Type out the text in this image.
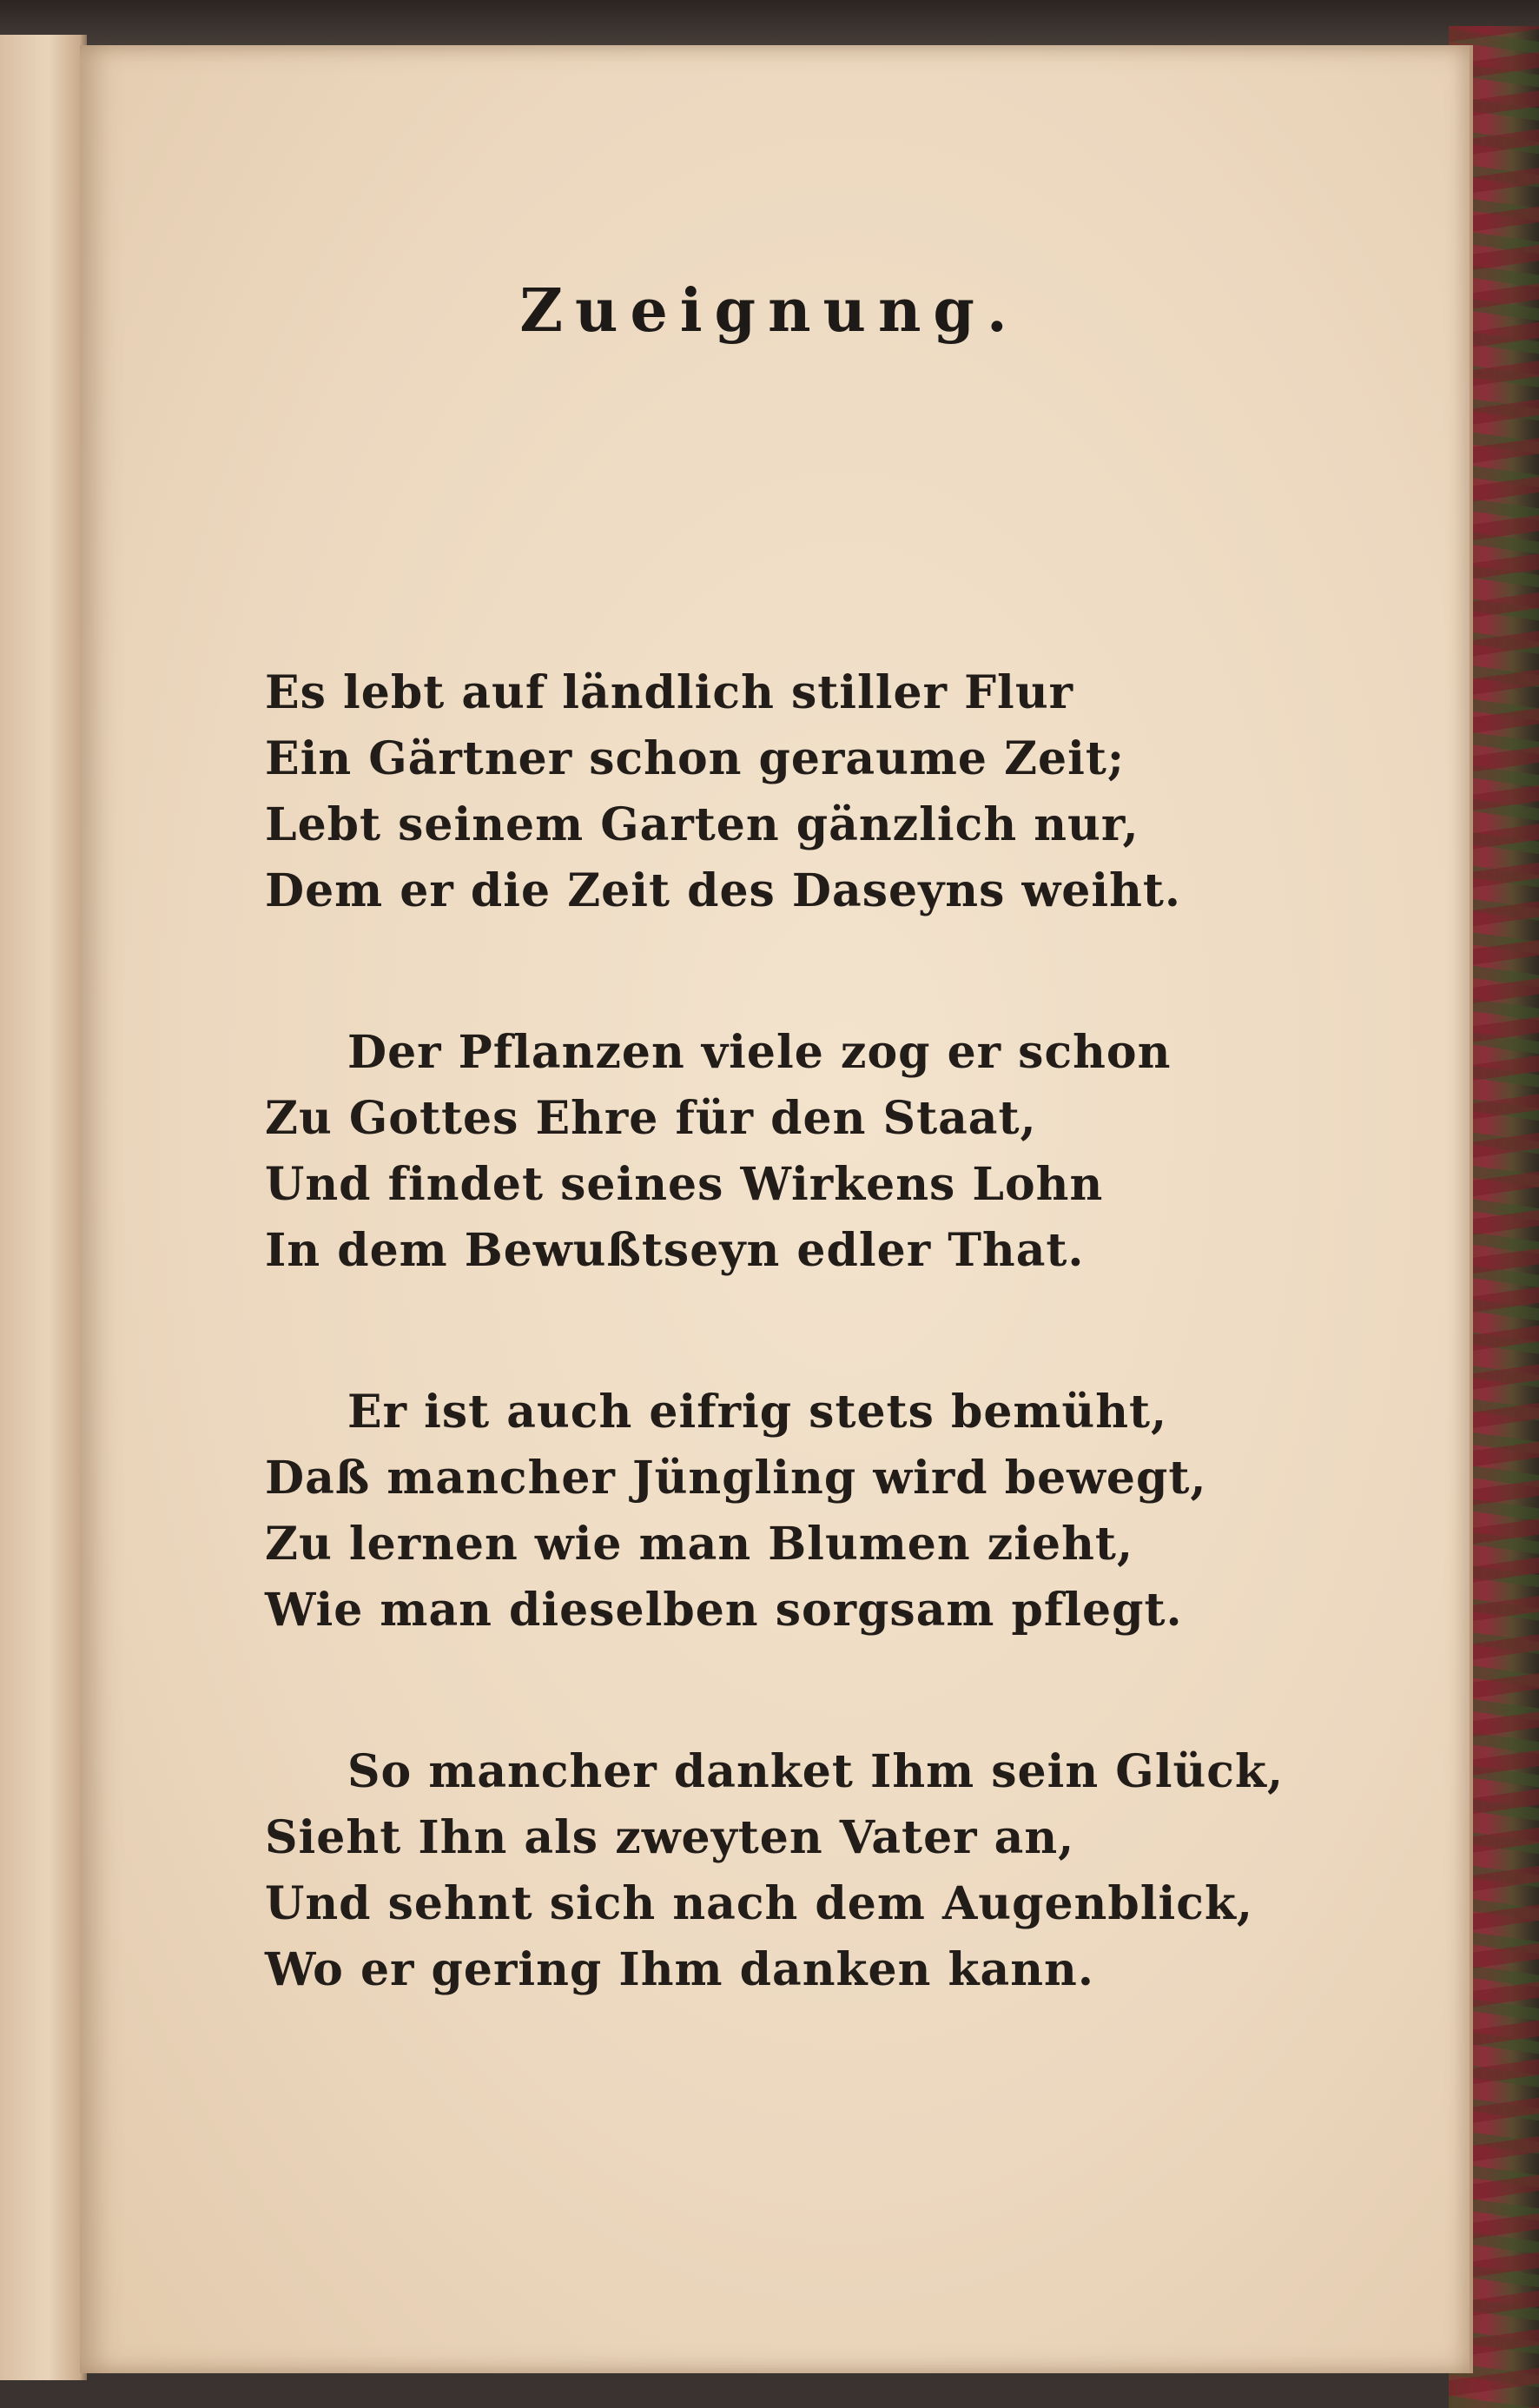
Zueignung.
Es lebt auf ländlich stiller Flur
Ein Gärtner schon geraume Zeit;
Lebt seinem Garten gänzlich nur,
Dem er die Zeit des Daseyns weiht.
Der Pflanzen viele zog er schon
Zu Gottes Ehre für den Staat,
Und findet seines Wirkens Lohn
In dem Bewußtseyn edler That.
Er ist auch eifrig stets bemüht,
Daß mancher Jüngling wird bewegt,
Zu lernen wie man Blumen zieht,
Wie man dieselben sorgsam pflegt.
So mancher danket Ihm sein Glück,
Sieht Ihn als zweyten Vater an,
Und sehnt sich nach dem Augenblick,
Wo er gering Ihm danken kann.
